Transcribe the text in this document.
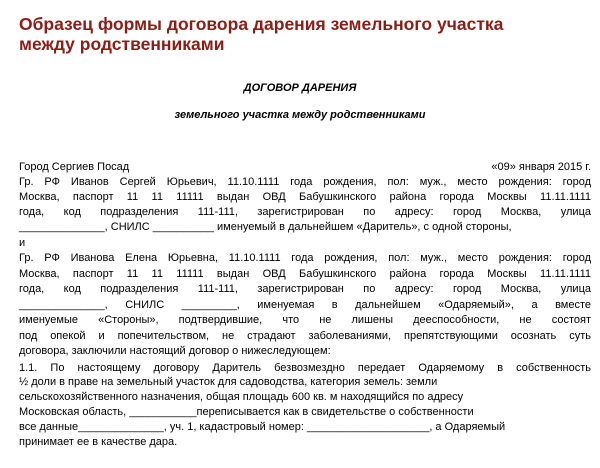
Образец формы договора дарения земельного участка
между родственниками
ДОГОВОР ДАРЕНИЯ
земельного участка между родственниками
Город Сергиев Посад	«09» января 2015 г.
Гр. РФ Иванов Сергей Юрьевич, 11.10.1111 года рождения, пол: муж., место рождения: город
Москва, паспорт 11 11 11111 выдан ОВД Бабушкинского района города Москвы 11.11.1111
года, код подразделения 111-111, зарегистрирован по адресу: город Москва, улица
______________, СНИЛС __________ именуемый в дальнейшем «Даритель», с одной стороны,
и
Гр. РФ Иванова Елена Юрьевна, 11.10.1111 года рождения, пол: муж., место рождения: город
Москва, паспорт 11 11 11111 выдан ОВД Бабушкинского района города Москвы 11.11.1111
года, код подразделения 111-111, зарегистрирован по адресу: город Москва, улица
______________, СНИЛС _________, именуемая в дальнейшем «Одаряемый», а вместе
именуемые «Стороны», подтвердившие, что не лишены дееспособности, не состоят
под опекой и попечительством, не страдают заболеваниями, препятствующими осознать суть
договора, заключили настоящий договор о нижеследующем:
1.1. По настоящему договору Даритель безвозмездно передает Одаряемому в собственность
½ доли в праве на земельный участок для садоводства, категория земель: земли
сельскохозяйственного назначения, общая площадь 600 кв. м находящийся по адресу
Московская область, ___________переписывается как в свидетельстве о собственности
все данные______________, уч. 1, кадастровый номер: ____________________, а Одаряемый
принимает ее в качестве дара.
